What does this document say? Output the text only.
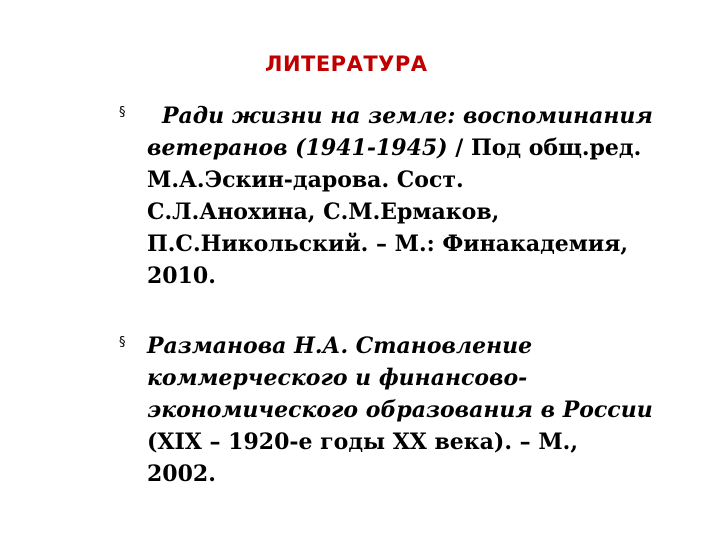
ЛИТЕРАТУРА
§	Ради жизни на земле: воспоминания
ветеранов (1941-1945) / Под общ.ред.
М.А.Эскин-дарова. Сост.
С.Л.Анохина, С.М.Ермаков,
П.С.Никольский. – М.: Финакадемия,
2010.
§ Разманова Н.А. Становление
коммерческого и финансово-
экономического образования в России
(XIX – 1920-е годы XX века). – М.,
2002.
